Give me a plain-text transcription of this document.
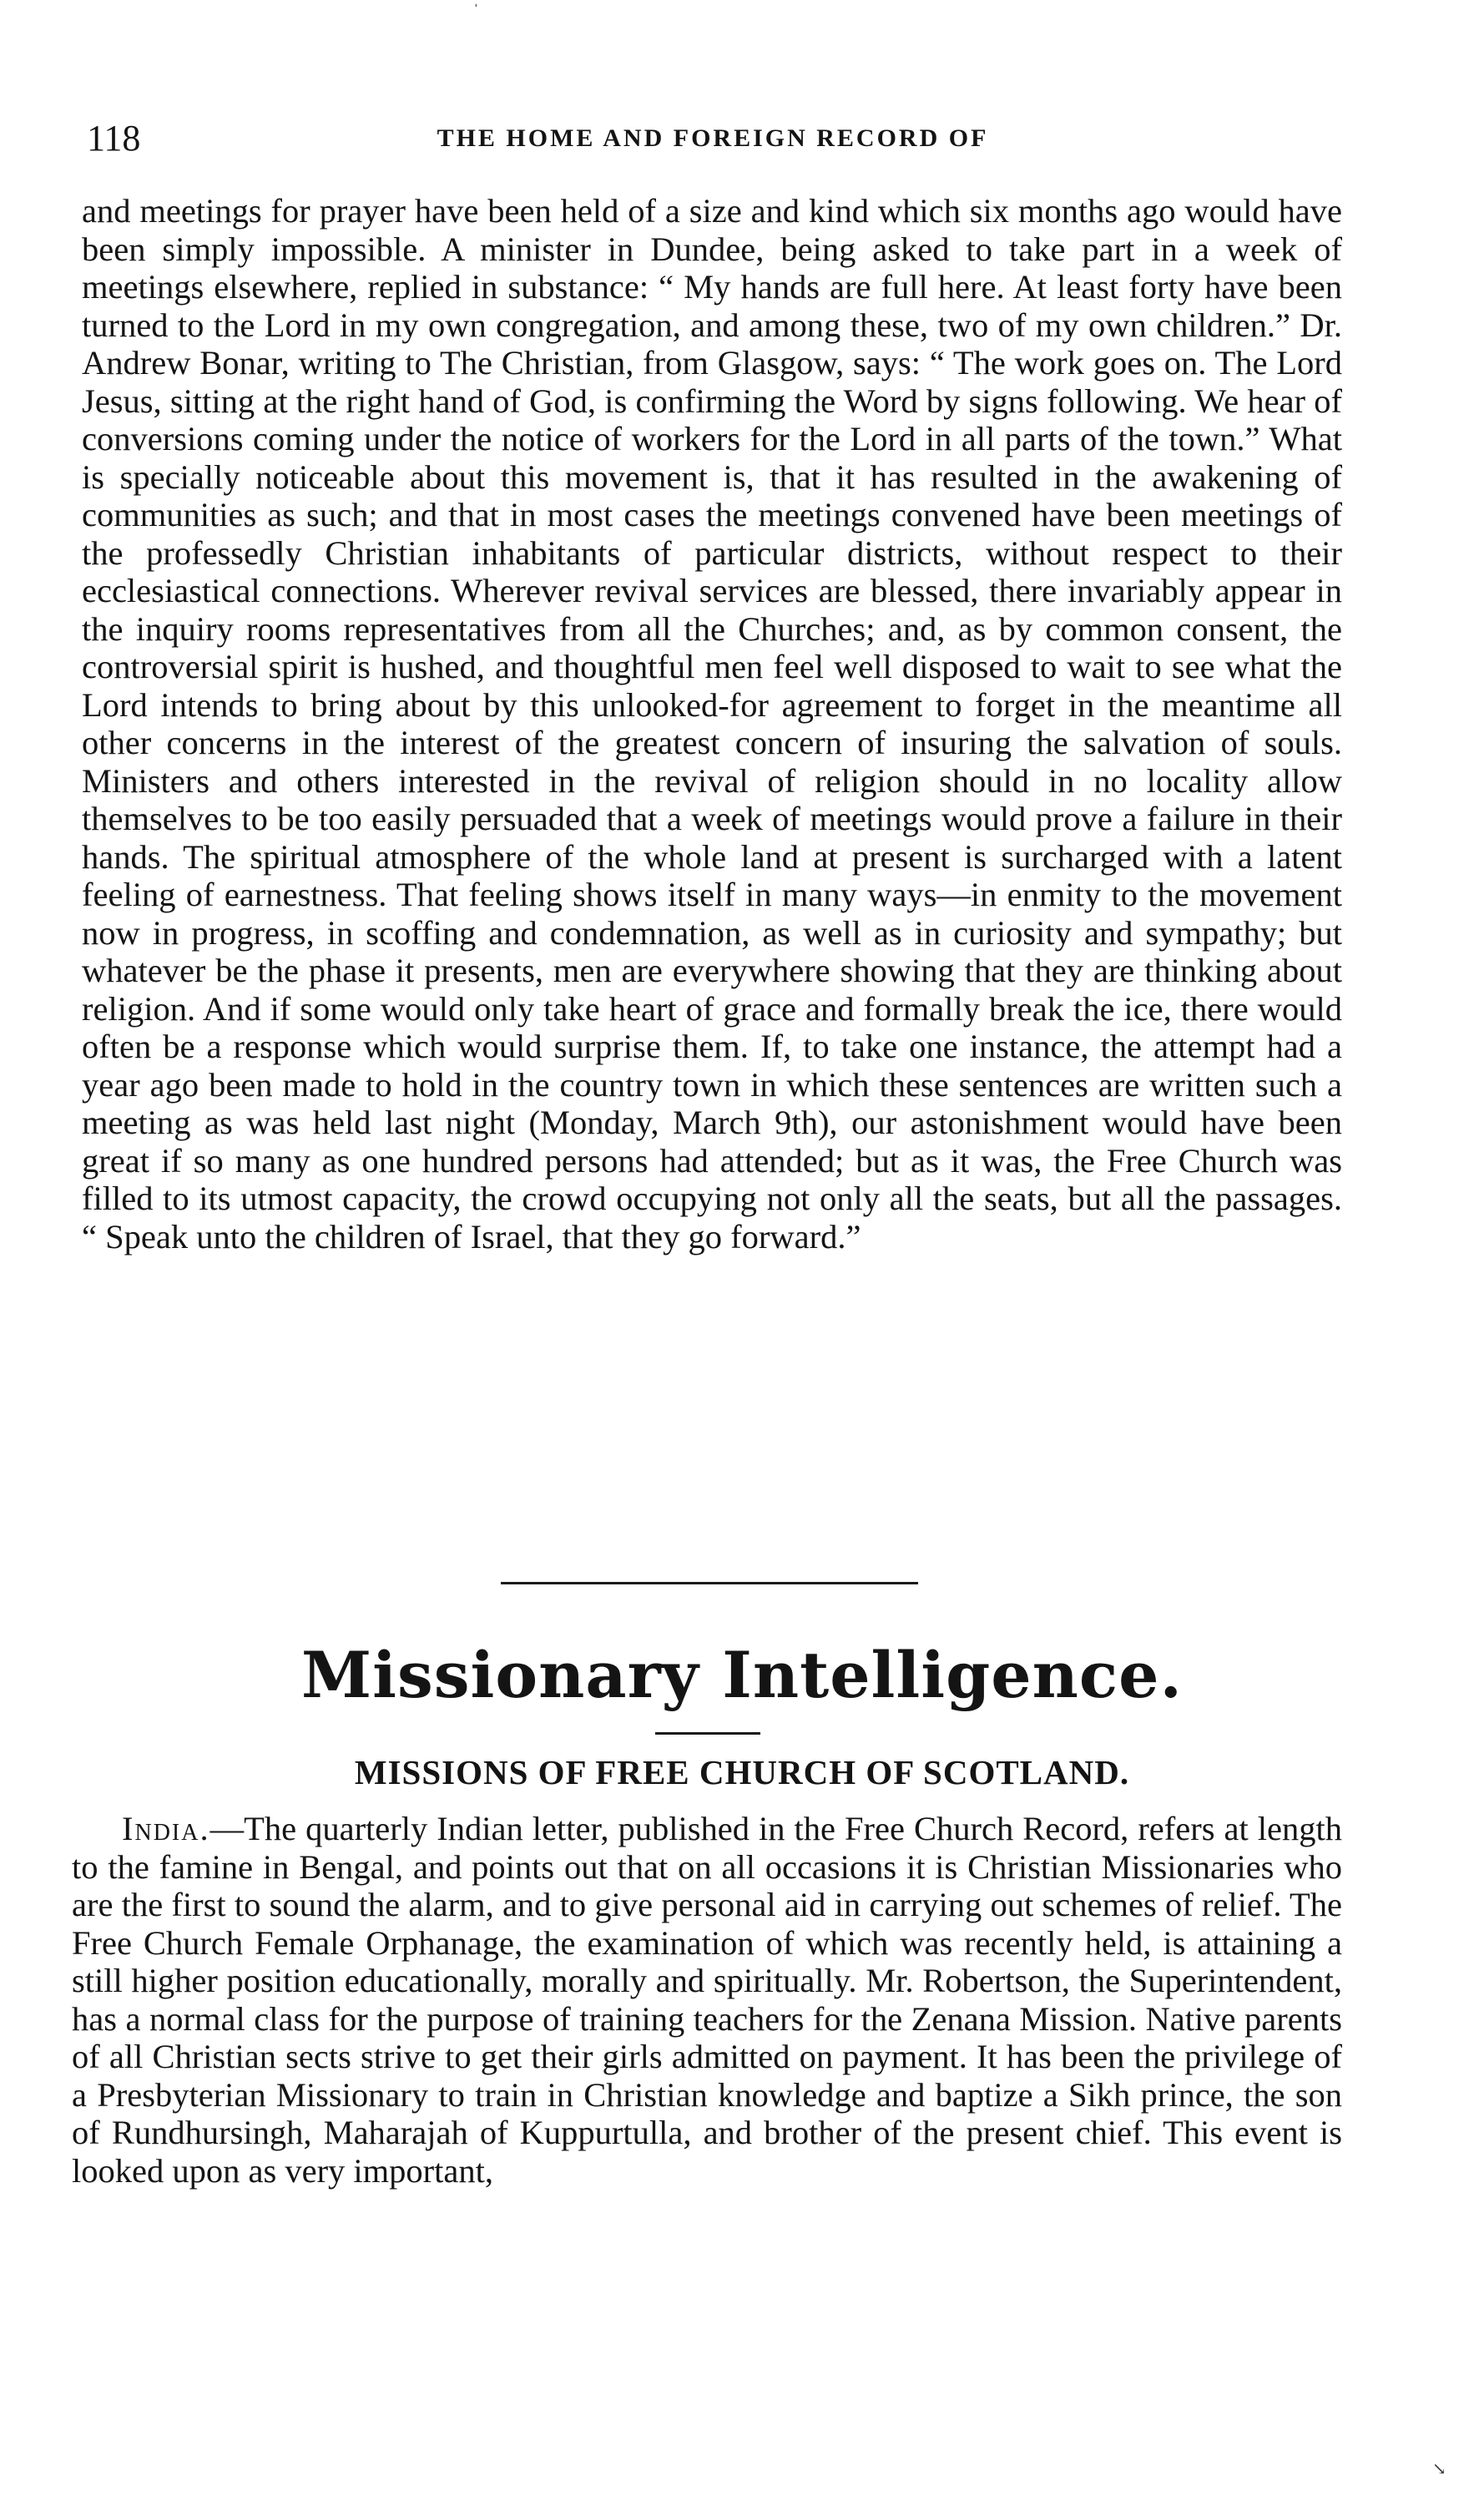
ˈ
118	THE HOME AND FOREIGN RECORD OF

and meetings for prayer have been held of a size and kind which six months ago would have been simply impossible. A minister in Dundee, being asked to take part in a week of meetings elsewhere, replied in substance: “ My hands are full here. At least forty have been turned to the Lord in my own congregation, and among these, two of my own children.” Dr. Andrew Bonar, writing to The Christian, from Glasgow, says: “ The work goes on. The Lord Jesus, sitting at the right hand of God, is confirming the Word by signs following. We hear of conversions coming under the notice of workers for the Lord in all parts of the town.” What is specially noticeable about this movement is, that it has resulted in the awakening of communities as such; and that in most cases the meetings convened have been meetings of the professedly Christian inhabitants of particular districts, without respect to their ecclesiastical connections. Wherever revival services are blessed, there invariably appear in the inquiry rooms representatives from all the Churches; and, as by common consent, the controversial spirit is hushed, and thoughtful men feel well disposed to wait to see what the Lord intends to bring about by this unlooked-for agreement to forget in the meantime all other concerns in the interest of the greatest concern of insuring the salvation of souls. Ministers and others interested in the revival of religion should in no locality allow themselves to be too easily persuaded that a week of meetings would prove a failure in their hands. The spiritual atmosphere of the whole land at present is surcharged with a latent feeling of earnestness. That feeling shows itself in many ways—in enmity to the movement now in progress, in scoffing and condemnation, as well as in curiosity and sympathy; but whatever be the phase it presents, men are everywhere showing that they are thinking about religion. And if some would only take heart of grace and formally break the ice, there would often be a response which would surprise them. If, to take one instance, the attempt had a year ago been made to hold in the country town in which these sentences are written such a meeting as was held last night (Monday, March 9th), our astonishment would have been great if so many as one hundred persons had attended; but as it was, the Free Church was filled to its utmost capacity, the crowd occupying not only all the seats, but all the passages. “ Speak unto the children of Israel, that they go forward.”

Missionary Intelligence.
MISSIONS OF FREE CHURCH OF SCOTLAND.

India.—The quarterly Indian letter, published in the Free Church Record, refers at length to the famine in Bengal, and points out that on all occasions it is Christian Missionaries who are the first to sound the alarm, and to give personal aid in carrying out schemes of relief. The Free Church Female Orphanage, the examination of which was recently held, is attaining a still higher position educationally, morally and spiritually. Mr. Robertson, the Superintendent, has a normal class for the purpose of training teachers for the Zenana Mission. Native parents of all Christian sects strive to get their girls admitted on payment. It has been the privilege of a Presbyterian Missionary to train in Christian knowledge and baptize a Sikh prince, the son of Rundhursingh, Maharajah of Kuppurtulla, and brother of the present chief. This event is looked upon as very important,

↘
